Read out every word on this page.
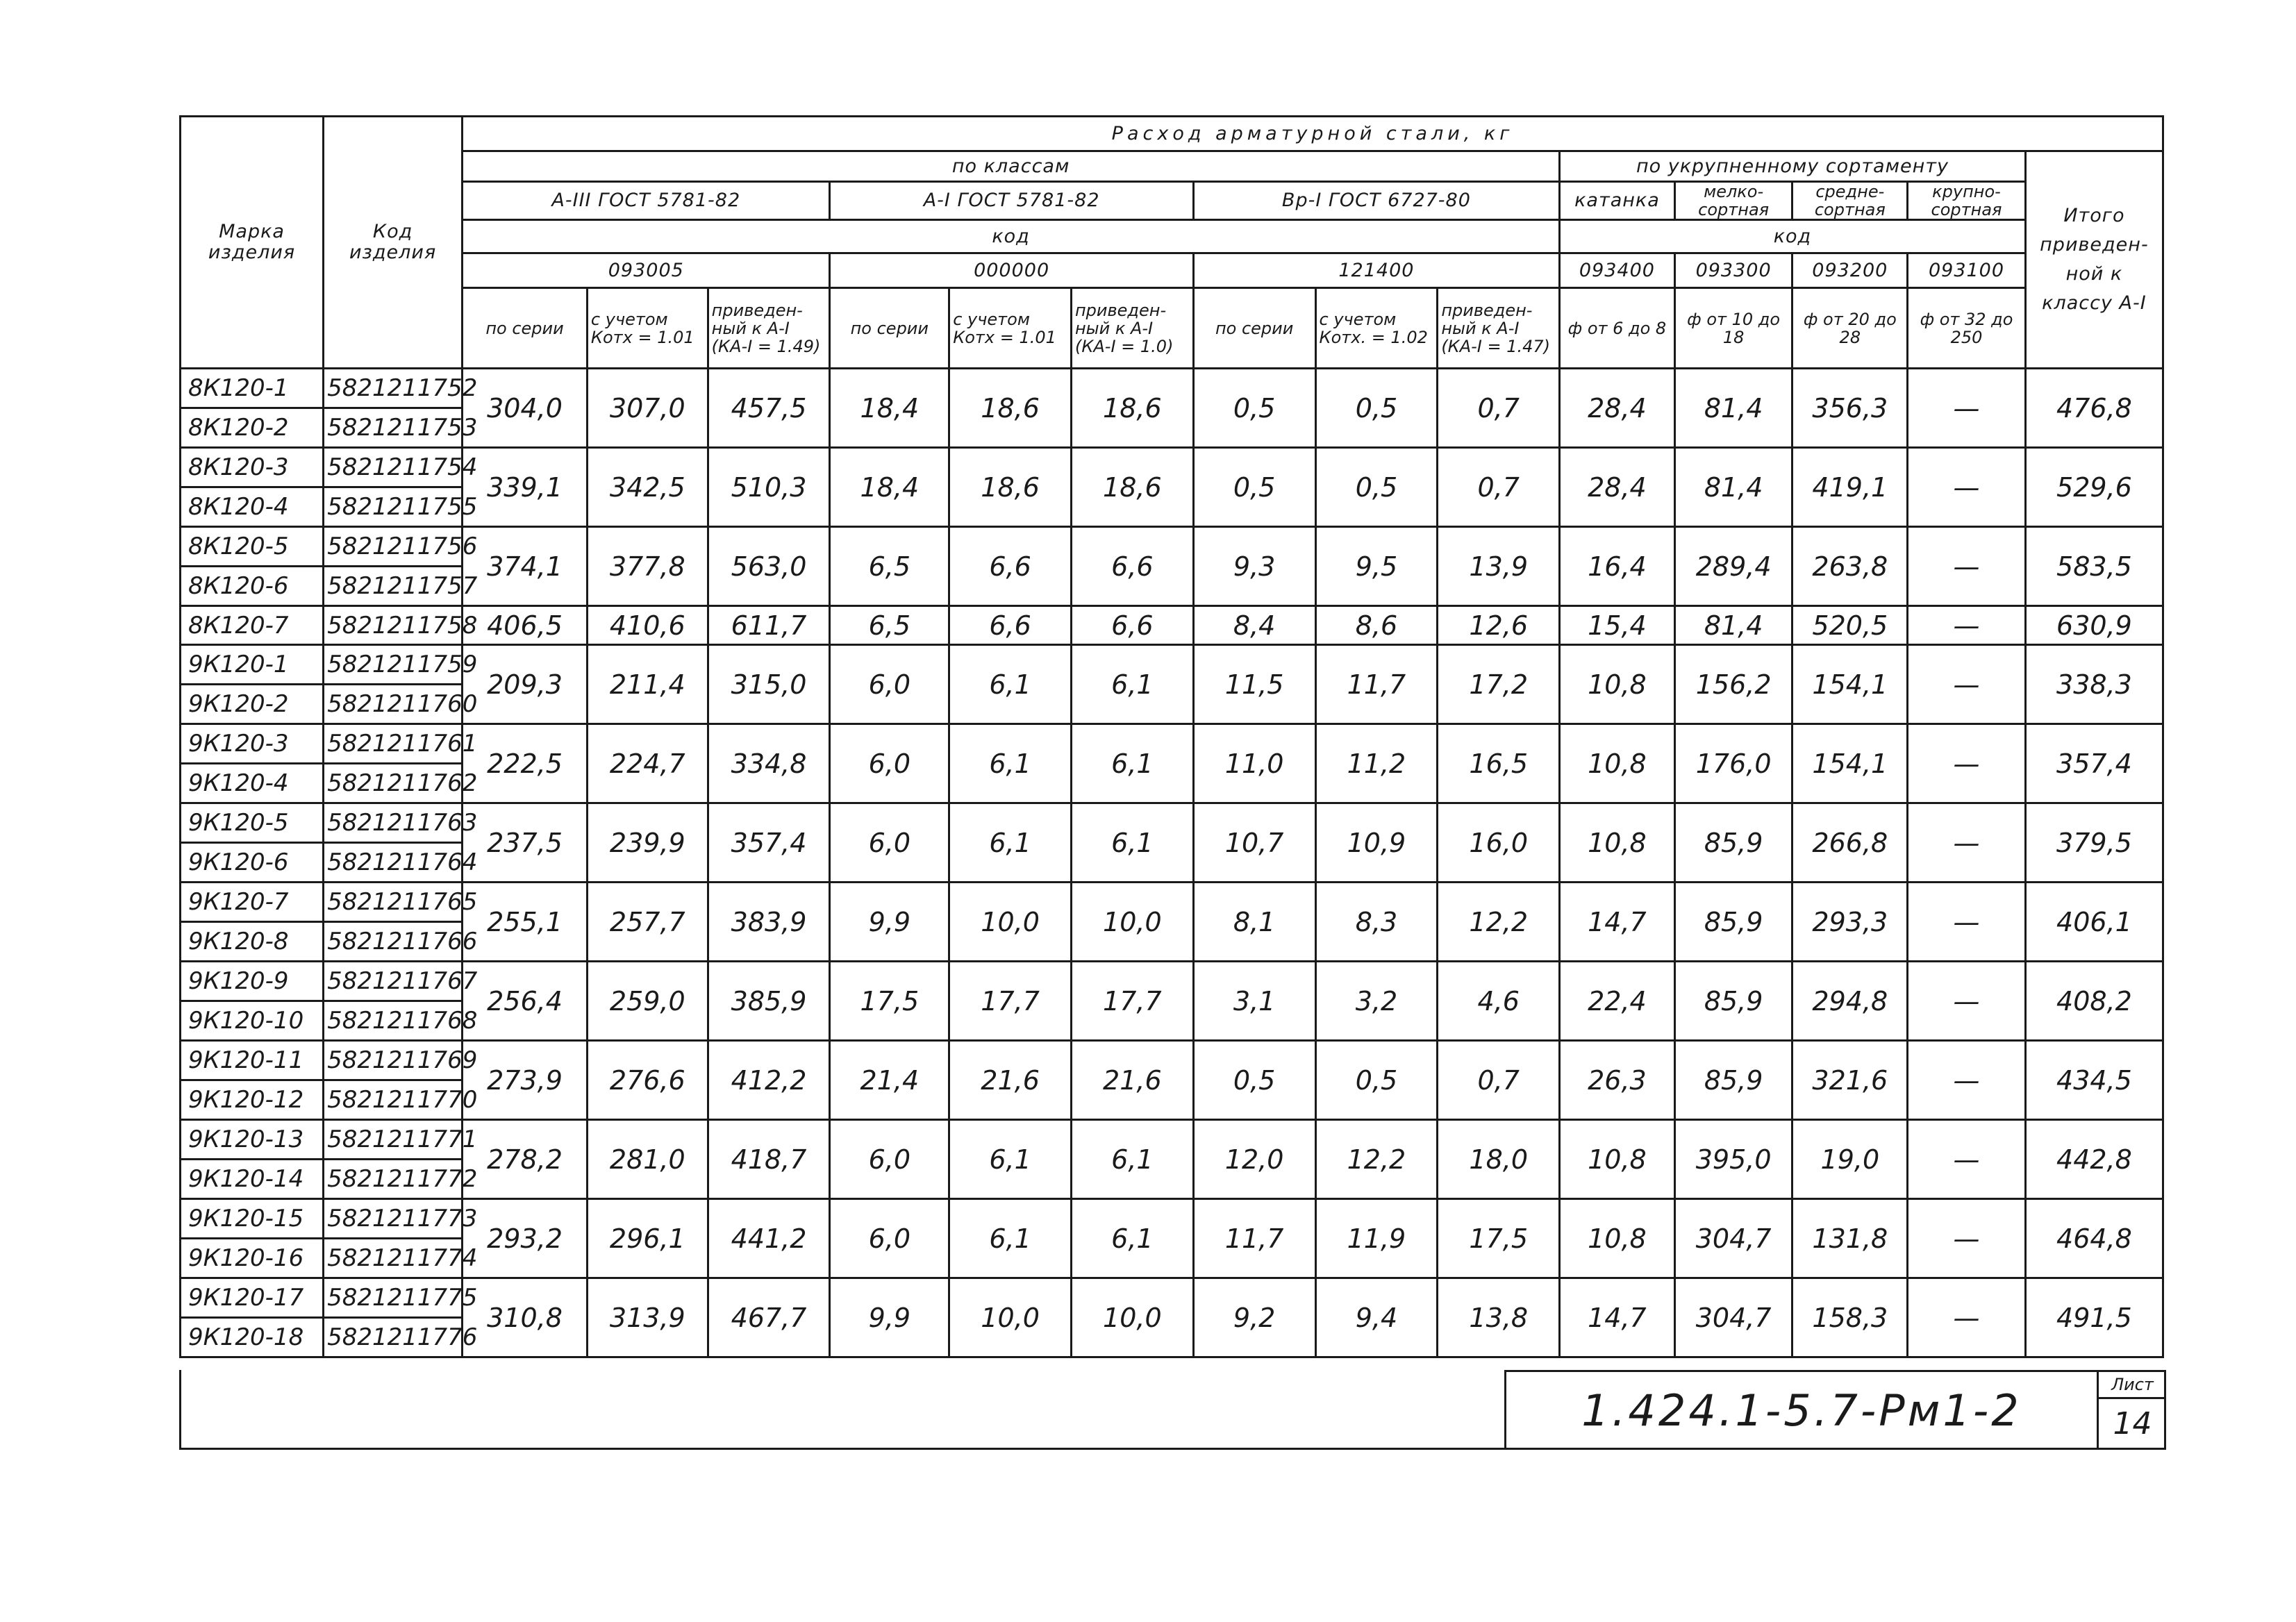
Марка изделия	Код изделия	Расход арматурной стали, кг													
		по классам									по укрупненному сортаменту				Итого приведен-ной к классу А-I
		А-III ГОСТ 5781-82			А-I ГОСТ 5781-82			Вр-I ГОСТ 6727-80			катанка	мелко-сортная	средне-сортная	крупно-сортная	
		код									код				
		093005			000000			121400			093400	093300	093200	093100	
		по серии	с учетом Котх = 1.01	приведен-ный к А-I (КА-I = 1.49)	по серии	с учетом Котх = 1.01	приведен-ный к А-I (КА-I = 1.0)	по серии	с учетом Котх. = 1.02	приведен-ный к А-I (КА-I = 1.47)	ф от 6 до 8	ф от 10 до 18	ф от 20 до 28	ф от 32 до 250	
8К120-1	5821211752	304,0	307,0	457,5	18,4	18,6	18,6	0,5	0,5	0,7	28,4	81,4	356,3	—	476,8
8К120-2	5821211753														
8К120-3	5821211754	339,1	342,5	510,3	18,4	18,6	18,6	0,5	0,5	0,7	28,4	81,4	419,1	—	529,6
8К120-4	5821211755														
8К120-5	5821211756	374,1	377,8	563,0	6,5	6,6	6,6	9,3	9,5	13,9	16,4	289,4	263,8	—	583,5
8К120-6	5821211757														
8К120-7	5821211758	406,5	410,6	611,7	6,5	6,6	6,6	8,4	8,6	12,6	15,4	81,4	520,5	—	630,9
9К120-1	5821211759	209,3	211,4	315,0	6,0	6,1	6,1	11,5	11,7	17,2	10,8	156,2	154,1	—	338,3
9К120-2	5821211760														
9К120-3	5821211761	222,5	224,7	334,8	6,0	6,1	6,1	11,0	11,2	16,5	10,8	176,0	154,1	—	357,4
9К120-4	5821211762														
9К120-5	5821211763	237,5	239,9	357,4	6,0	6,1	6,1	10,7	10,9	16,0	10,8	85,9	266,8	—	379,5
9К120-6	5821211764														
9К120-7	5821211765	255,1	257,7	383,9	9,9	10,0	10,0	8,1	8,3	12,2	14,7	85,9	293,3	—	406,1
9К120-8	5821211766														
9К120-9	5821211767	256,4	259,0	385,9	17,5	17,7	17,7	3,1	3,2	4,6	22,4	85,9	294,8	—	408,2
9К120-10	5821211768														
9К120-11	5821211769	273,9	276,6	412,2	21,4	21,6	21,6	0,5	0,5	0,7	26,3	85,9	321,6	—	434,5
9К120-12	5821211770														
9К120-13	5821211771	278,2	281,0	418,7	6,0	6,1	6,1	12,0	12,2	18,0	10,8	395,0	19,0	—	442,8
9К120-14	5821211772														
9К120-15	5821211773	293,2	296,1	441,2	6,0	6,1	6,1	11,7	11,9	17,5	10,8	304,7	131,8	—	464,8
9К120-16	5821211774														
9К120-17	5821211775	310,8	313,9	467,7	9,9	10,0	10,0	9,2	9,4	13,8	14,7	304,7	158,3	—	491,5
9К120-18	5821211776														
1.424.1-5.7-Рм1-2
Лист
14
